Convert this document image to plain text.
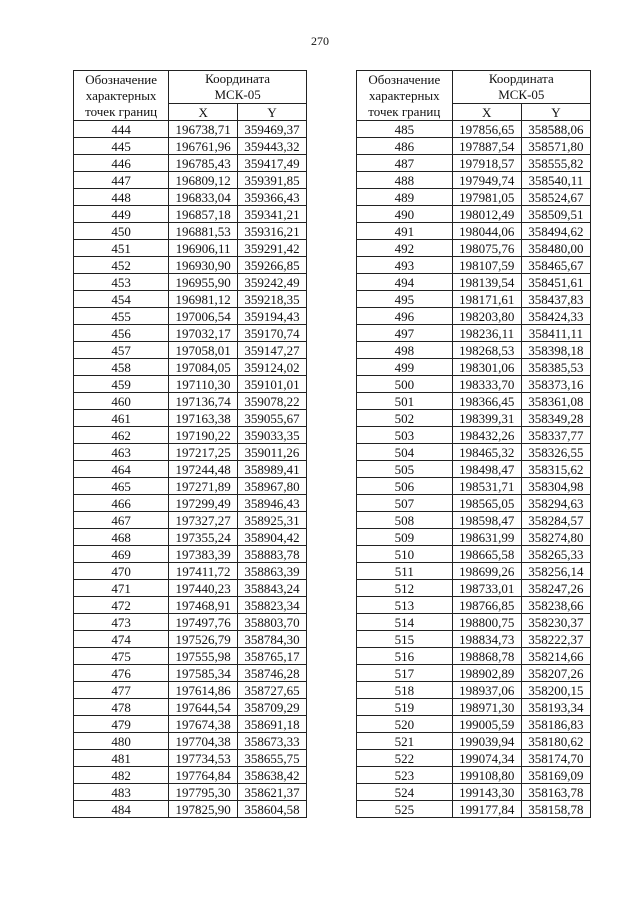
270
Обозначение
характерных
точек границ	Координата
МСК-05	

	X	Y
444	196738,71	359469,37
445	196761,96	359443,32
446	196785,43	359417,49
447	196809,12	359391,85
448	196833,04	359366,43
449	196857,18	359341,21
450	196881,53	359316,21
451	196906,11	359291,42
452	196930,90	359266,85
453	196955,90	359242,49
454	196981,12	359218,35
455	197006,54	359194,43
456	197032,17	359170,74
457	197058,01	359147,27
458	197084,05	359124,02
459	197110,30	359101,01
460	197136,74	359078,22
461	197163,38	359055,67
462	197190,22	359033,35
463	197217,25	359011,26
464	197244,48	358989,41
465	197271,89	358967,80
466	197299,49	358946,43
467	197327,27	358925,31
468	197355,24	358904,42
469	197383,39	358883,78
470	197411,72	358863,39
471	197440,23	358843,24
472	197468,91	358823,34
473	197497,76	358803,70
474	197526,79	358784,30
475	197555,98	358765,17
476	197585,34	358746,28
477	197614,86	358727,65
478	197644,54	358709,29
479	197674,38	358691,18
480	197704,38	358673,33
481	197734,53	358655,75
482	197764,84	358638,42
483	197795,30	358621,37
484	197825,90	358604,58
Обозначение
характерных
точек границ	Координата
МСК-05	

	X	Y
485	197856,65	358588,06
486	197887,54	358571,80
487	197918,57	358555,82
488	197949,74	358540,11
489	197981,05	358524,67
490	198012,49	358509,51
491	198044,06	358494,62
492	198075,76	358480,00
493	198107,59	358465,67
494	198139,54	358451,61
495	198171,61	358437,83
496	198203,80	358424,33
497	198236,11	358411,11
498	198268,53	358398,18
499	198301,06	358385,53
500	198333,70	358373,16
501	198366,45	358361,08
502	198399,31	358349,28
503	198432,26	358337,77
504	198465,32	358326,55
505	198498,47	358315,62
506	198531,71	358304,98
507	198565,05	358294,63
508	198598,47	358284,57
509	198631,99	358274,80
510	198665,58	358265,33
511	198699,26	358256,14
512	198733,01	358247,26
513	198766,85	358238,66
514	198800,75	358230,37
515	198834,73	358222,37
516	198868,78	358214,66
517	198902,89	358207,26
518	198937,06	358200,15
519	198971,30	358193,34
520	199005,59	358186,83
521	199039,94	358180,62
522	199074,34	358174,70
523	199108,80	358169,09
524	199143,30	358163,78
525	199177,84	358158,78
